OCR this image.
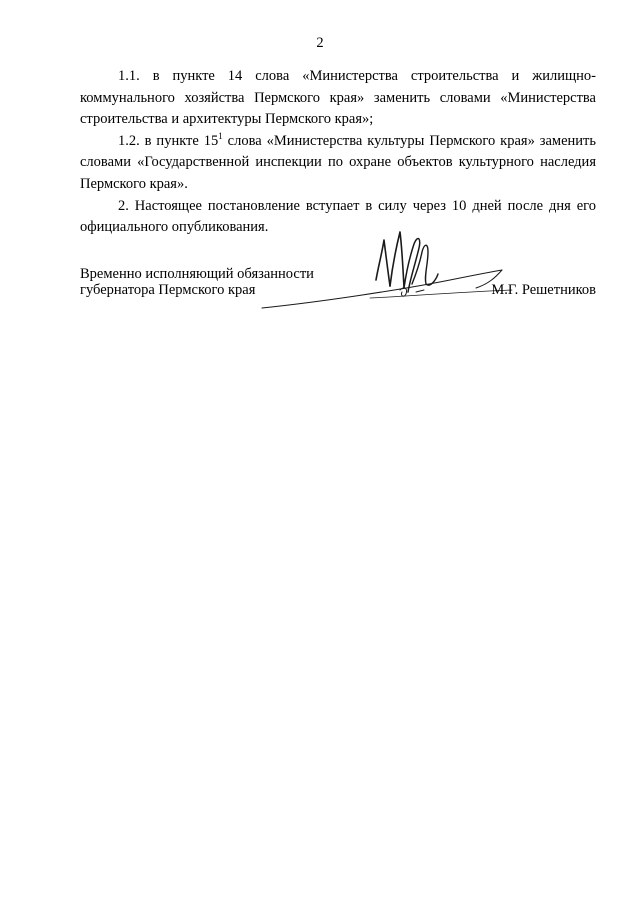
2

1.1. в пункте 14 слова «Министерства строительства и жилищно-коммунального хозяйства Пермского края» заменить словами «Министерства строительства и архитектуры Пермского края»;

1.2. в пункте $15^1$ слова «Министерства культуры Пермского края» заменить словами «Государственной инспекции по охране объектов культурного наследия Пермского края».

2. Настоящее постановление вступает в силу через 10 дней после дня его официального опубликования.

Временно исполняющий обязанности
губернатора Пермского края	М.Г. Решетников
